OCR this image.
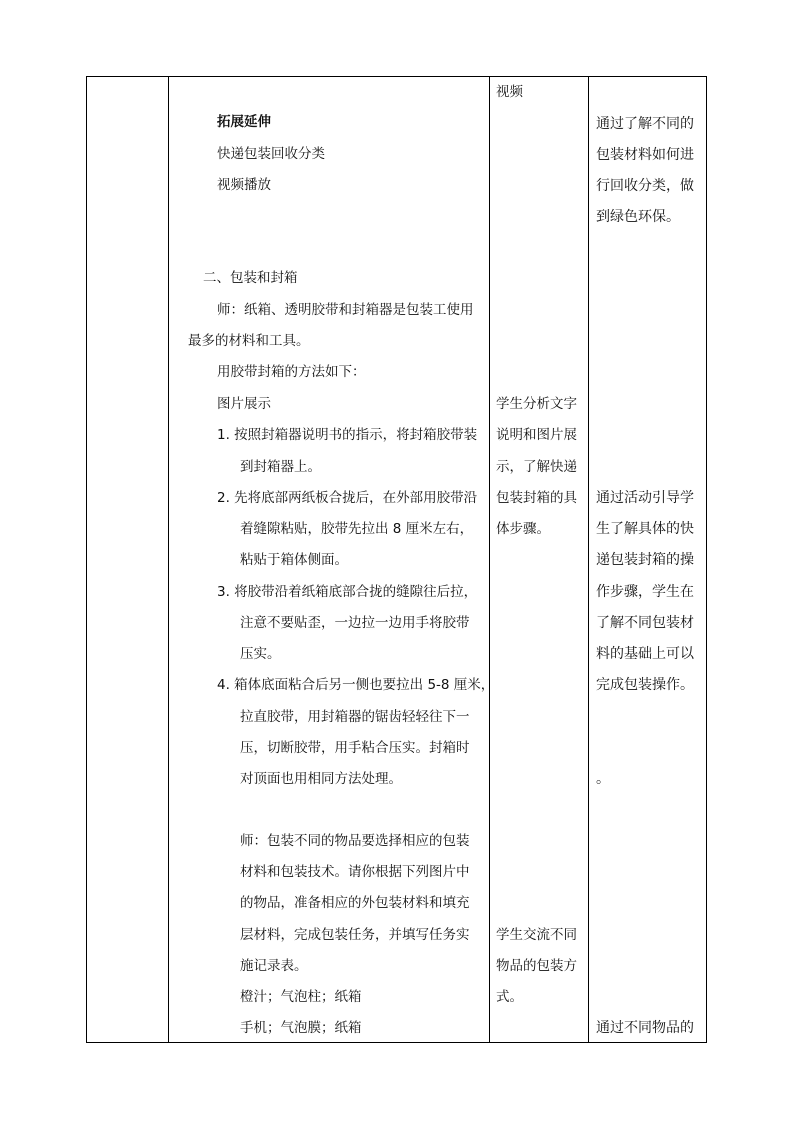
拓展延伸
快递包装回收分类
视频播放
二、包装和封箱
师：纸箱、透明胶带和封箱器是包装工使用
最多的材料和工具。
用胶带封箱的方法如下：
图片展示
1. 按照封箱器说明书的指示，将封箱胶带装
到封箱器上。
2. 先将底部两纸板合拢后，在外部用胶带沿
着缝隙粘贴，胶带先拉出 8 厘米左右，
粘贴于箱体侧面。
3. 将胶带沿着纸箱底部合拢的缝隙往后拉，
注意不要贴歪，一边拉一边用手将胶带
压实。
4. 箱体底面粘合后另一侧也要拉出 5-8 厘米，
拉直胶带，用封箱器的锯齿轻轻往下一
压，切断胶带，用手粘合压实。封箱时
对顶面也用相同方法处理。
师：包装不同的物品要选择相应的包装
材料和包装技术。请你根据下列图片中
的物品，准备相应的外包装材料和填充
层材料，完成包装任务，并填写任务实
施记录表。
橙汁；气泡柱；纸箱
手机；气泡膜；纸箱
视频
学生分析文字
说明和图片展
示，了解快递
包装封箱的具
体步骤。
学生交流不同
物品的包装方
式。
通过了解不同的
包装材料如何进
行回收分类，做
到绿色环保。
通过活动引导学
生了解具体的快
递包装封箱的操
作步骤，学生在
了解不同包装材
料的基础上可以
完成包装操作。
。
通过不同物品的
